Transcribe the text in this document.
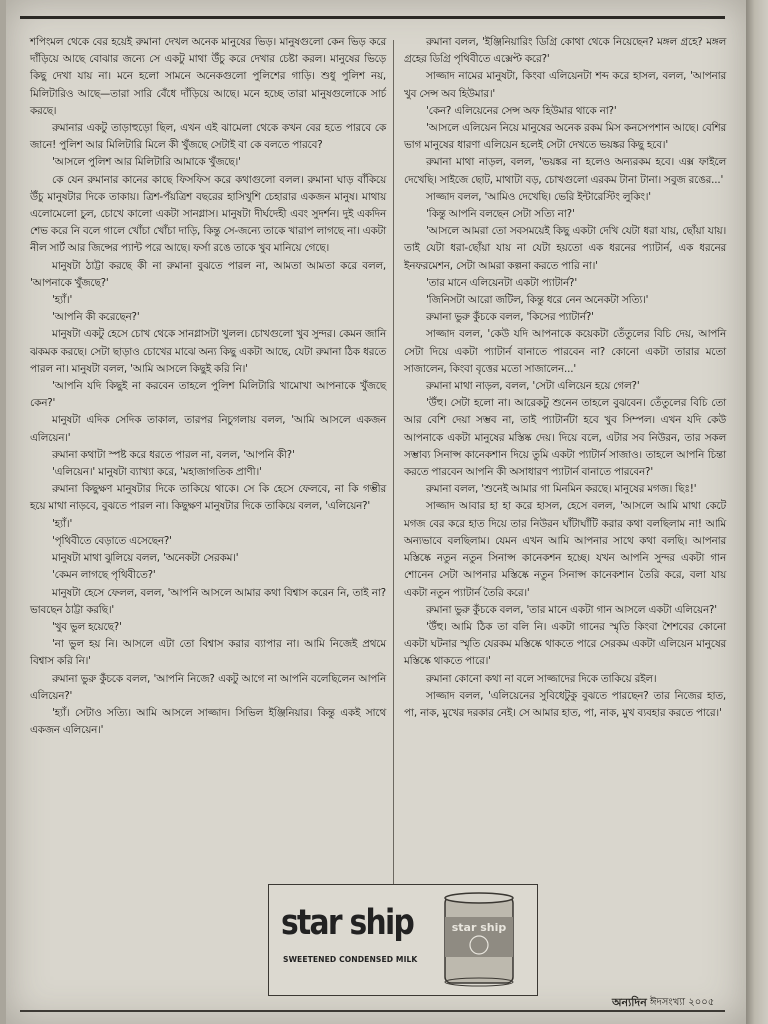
শপিংমল থেকে বের হয়েই রুমানা দেখল অনেক মানুষের ভিড়। মানুষগুলো কেন ভিড় করে দাঁড়িয়ে আছে বোঝার জন্যে সে একটু মাথা উঁচু করে দেখার চেষ্টা করল। মানুষের ভিড়ে কিছু দেখা যায় না। মনে হলো সামনে অনেকগুলো পুলিশের গাড়ি। শুধু পুলিশ নয়, মিলিটারিও আছে—তারা সারি বেঁধে দাঁড়িয়ে আছে। মনে হচ্ছে তারা মানুষগুলোকে সার্চ করছে।

রুমানার একটু তাড়াহুড়ো ছিল, এখন এই ঝামেলা থেকে কখন বের হতে পারবে কে জানে! পুলিশ আর মিলিটারি মিলে কী খুঁজছে সেটাই বা কে বলতে পারবে?

'আসলে পুলিশ আর মিলিটারি আমাকে খুঁজছে।'

কে যেন রুমানার কানের কাছে ফিসফিস করে কথাগুলো বলল। রুমানা ঘাড় বাঁকিয়ে উঁচু মানুষটার দিকে তাকায়। ত্রিশ-পঁয়ত্রিশ বছরের হাসিখুশি চেহারার একজন মানুষ। মাথায় এলোমেলো চুল, চোখে কালো একটা সানগ্লাস। মানুষটা দীর্ঘদেহী এবং সুদর্শন। দুই একদিন শেভ করে নি বলে গালে খোঁচা খোঁচা দাড়ি, কিন্তু সে-জন্যে তাকে খারাপ লাগছে না। একটা নীল সার্ট আর জিন্সের প্যান্ট পরে আছে। ফর্সা রঙে তাকে খুব মানিয়ে গেছে।

মানুষটা ঠাট্টা করছে কী না রুমানা বুঝতে পারল না, আমতা আমতা করে বলল, 'আপনাকে খুঁজছে?'

'হ্যাঁ।'

'আপনি কী করেছেন?'

মানুষটা একটু হেসে চোখ থেকে সানগ্লাসটা খুলল। চোখগুলো খুব সুন্দর। কেমন জানি ঝকমক করছে। সেটা ছাড়াও চোখের মাঝে অন্য কিছু একটা আছে, যেটা রুমানা ঠিক ধরতে পারল না। মানুষটা বলল, 'আমি আসলে কিছুই করি নি।'

'আপনি যদি কিছুই না করবেন তাহলে পুলিশ মিলিটারি খামোখা আপনাকে খুঁজছে কেন?'

মানুষটা এদিক সেদিক তাকাল, তারপর নিচুগলায় বলল, 'আমি আসলে একজন এলিয়েন।'

রুমানা কথাটা স্পষ্ট করে ধরতে পারল না, বলল, 'আপনি কী?'

'এলিয়েন।' মানুষটা ব্যাখ্যা করে, 'মহাজাগতিক প্রাণী।'

রুমানা কিছুক্ষণ মানুষটার দিকে তাকিয়ে থাকে। সে কি হেসে ফেলবে, না কি গম্ভীর হয়ে মাথা নাড়বে, বুঝতে পারল না। কিছুক্ষণ মানুষটার দিকে তাকিয়ে বলল, 'এলিয়েন?'

'হ্যাঁ।'

'পৃথিবীতে বেড়াতে এসেছেন?'

মানুষটা মাথা ঝুলিয়ে বলল, 'অনেকটা সেরকম।'

'কেমন লাগছে পৃথিবীতে?'

মানুষটা হেসে ফেলল, বলল, 'আপনি আসলে আমার কথা বিশ্বাস করেন নি, তাই না? ভাবছেন ঠাট্টা করছি।'

'খুব ভুল হয়েছে?'

'না ভুল হয় নি। আসলে এটা তো বিশ্বাস করার ব্যাপার না। আমি নিজেই প্রথমে বিশ্বাস করি নি।'

রুমানা ভুরু কুঁচকে বলল, 'আপনি নিজে? একটু আগে না আপনি বলেছিলেন আপনি এলিয়েন?'

'হ্যাঁ। সেটাও সত্যি। আমি আসলে সাজ্জাদ। সিভিল ইঞ্জিনিয়ার। কিন্তু একই সাথে একজন এলিয়েন।'

রুমানা বলল, 'ইঞ্জিনিয়ারিং ডিগ্রি কোথা থেকে নিয়েছেন? মঙ্গল গ্রহে? মঙ্গল গ্রহের ডিগ্রি পৃথিবীতে এক্সেপ্ট করে?'

সাজ্জাদ নামের মানুষটা, কিংবা এলিয়েনটা শব্দ করে হাসল, বলল, 'আপনার খুব সেন্স অব হিউমার।'

'কেন? এলিয়েনের সেন্স অফ হিউমার থাকে না?'

'আসলে এলিয়েন নিয়ে মানুষের অনেক রকম মিস কনসেপশান আছে। বেশির ভাগ মানুষের ধারণা এলিয়েন হলেই সেটা দেখতে ভয়ঙ্কর কিছু হবে।'

রুমানা মাথা নাড়ল, বলল, 'ভয়ঙ্কর না হলেও অন্যরকম হবে। এক্স ফাইলে দেখেছি। সাইজে ছোট, মাথাটা বড়, চোখগুলো এরকম টানা টানা। সবুজ রঙের...'

সাজ্জাদ বলল, 'আমিও দেখেছি। ভেরি ইন্টারেস্টিং লুকিং।'

'কিন্তু আপনি বলছেন সেটা সত্যি না?'

'আসলে আমরা তো সবসময়েই কিছু একটা দেখি যেটা ধরা যায়, ছোঁয়া যায়। তাই যেটা ধরা-ছোঁয়া যায় না যেটা হয়তো এক ধরনের প্যাটার্ন, এক ধরনের ইনফরমেশন, সেটা আমরা কল্পনা করতে পারি না।'

'তার মানে এলিয়েনটা একটা প্যাটার্ন?'

'জিনিসটা আরো জটিল, কিন্তু ধরে নেন অনেকটা সত্যি।'

রুমানা ভুরু কুঁচকে বলল, 'কিসের প্যাটার্ন?'

সাজ্জাদ বলল, 'কেউ যদি আপনাকে কয়েকটা তেঁতুলের বিচি দেয়, আপনি সেটা দিয়ে একটা প্যাটার্ন বানাতে পারবেন না? কোনো একটা তারার মতো সাজালেন, কিংবা বৃত্তের মতো সাজালেন...'

রুমানা মাথা নাড়ল, বলল, 'সেটা এলিয়েন হয়ে গেল?'

'উঁহু। সেটা হলো না। আরেকটু শুনেন তাহলে বুঝবেন। তেঁতুলের বিচি তো আর বেশি দেয়া সম্ভব না, তাই প্যাটার্নটা হবে খুব সিম্পল। এখন যদি কেউ আপনাকে একটা মানুষের মস্তিষ্ক দেয়। দিয়ে বলে, এটার সব নিউরন, তার সকল সম্ভাব্য সিনাপ্স কানেকশান দিয়ে তুমি একটা প্যাটার্ন সাজাও। তাহলে আপনি চিন্তা করতে পারবেন আপনি কী অসাধারণ প্যাটার্ন বানাতে পারবেন?'

রুমানা বলল, 'শুনেই আমার গা মিনমিন করছে। মানুষের মগজ। ছিঃ!'

সাজ্জাদ আবার হা হা করে হাসল, হেসে বলল, 'আসলে আমি মাথা কেটে মগজ বের করে হাত দিয়ে তার নিউরন ঘাঁটাঘাঁটি করার কথা বলছিলাম না! আমি অন্যভাবে বলছিলাম। যেমন এখন আমি আপনার সাথে কথা বলছি। আপনার মস্তিষ্কে নতুন নতুন সিনাপ্স কানেকশন হচ্ছে। যখন আপনি সুন্দর একটা গান শোনেন সেটা আপনার মস্তিষ্কে নতুন সিনাপ্স কানেকশান তৈরি করে, বলা যায় একটা নতুন প্যাটার্ন তৈরি করে।'

রুমানা ভুরু কুঁচকে বলল, 'তার মানে একটা গান আসলে একটা এলিয়েন?'

'উঁহু। আমি ঠিক তা বলি নি। একটা গানের স্মৃতি কিংবা শৈশবের কোনো একটা ঘটনার স্মৃতি যেরকম মস্তিষ্কে থাকতে পারে সেরকম একটা এলিয়েন মানুষের মস্তিষ্কে থাকতে পারে।'

রুমানা কোনো কথা না বলে সাজ্জাদের দিকে তাকিয়ে রইল।

সাজ্জাদ বলল, 'এলিয়েনের সুবিধেটুকু বুঝতে পারছেন? তার নিজের হাত, পা, নাক, মুখের দরকার নেই। সে আমার হাত, পা, নাক, মুখ ব্যবহার করতে পারে।'

star ship
SWEETENED CONDENSED MILK
star ship
অন্যদিন ঈদসংখ্যা ২০০৫
